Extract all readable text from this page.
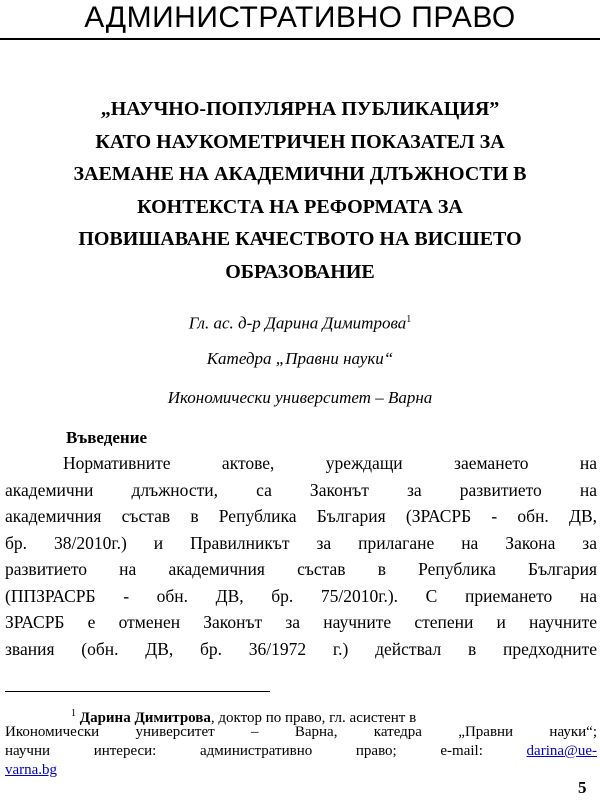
АДМИНИСТРАТИВНО ПРАВО
„НАУЧНО-ПОПУЛЯРНА ПУБЛИКАЦИЯ”
КАТО НАУКОМЕТРИЧЕН ПОКАЗАТЕЛ ЗА
ЗАЕМАНЕ НА АКАДЕМИЧНИ ДЛЪЖНОСТИ В
КОНТЕКСТА НА РЕФОРМАТА ЗА
ПОВИШАВАНЕ КАЧЕСТВОТО НА ВИСШЕТО
ОБРАЗОВАНИЕ
Гл. ас. д-р Дарина Димитрова$^1$
Катедра „Правни науки“
Икономически университет – Варна
Въведение
Нормативните актове, уреждащи заемането на
академични длъжности, са Законът за развитието на
академичния състав в Република България (ЗРАСРБ - обн. ДВ,
бр. 38/2010г.) и Правилникът за прилагане на Закона за
развитието на академичния състав в Република България
(ППЗРАСРБ - обн. ДВ, бр. 75/2010г.). С приемането на
ЗРАСРБ е отменен Законът за научните степени и научните
звания (обн. ДВ, бр. 36/1972 г.) действал в предходните
$^1$ Дарина Димитрова, доктор по право, гл. асистент в
Икономически университет – Варна, катедра „Правни науки“;
научни интереси: административно право; e-mail: darina@ue-
varna.bg
5
